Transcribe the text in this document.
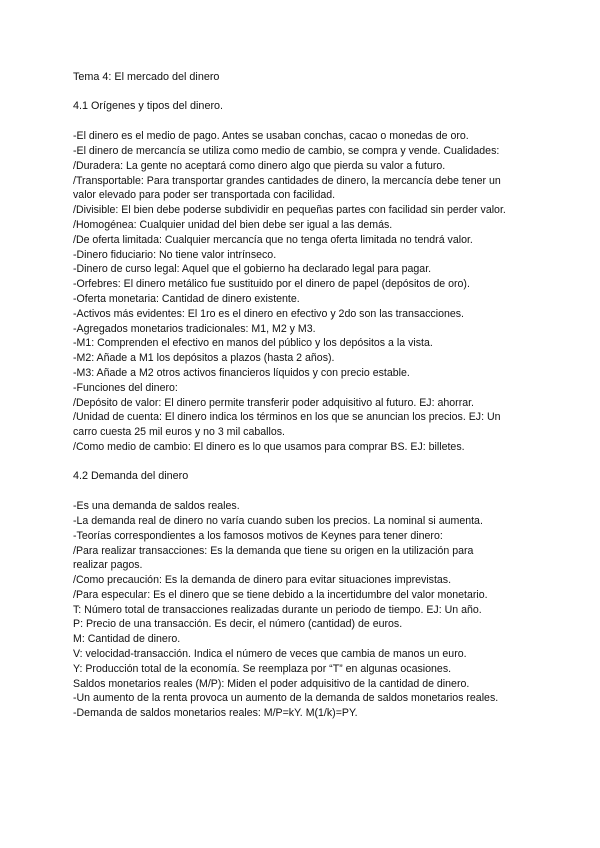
Tema 4: El mercado del dinero
4.1 Orígenes y tipos del dinero.
-El dinero es el medio de pago. Antes se usaban conchas, cacao o monedas de oro.
-El dinero de mercancía se utiliza como medio de cambio, se compra y vende. Cualidades:
/Duradera: La gente no aceptará como dinero algo que pierda su valor a futuro.
/Transportable: Para transportar grandes cantidades de dinero, la mercancía debe tener un
valor elevado para poder ser transportada con facilidad.
/Divisible: El bien debe poderse subdividir en pequeñas partes con facilidad sin perder valor.
/Homogénea: Cualquier unidad del bien debe ser igual a las demás.
/De oferta limitada: Cualquier mercancía que no tenga oferta limitada no tendrá valor.
-Dinero fiduciario: No tiene valor intrínseco.
-Dinero de curso legal: Aquel que el gobierno ha declarado legal para pagar.
-Orfebres: El dinero metálico fue sustituido por el dinero de papel (depósitos de oro).
-Oferta monetaria: Cantidad de dinero existente.
-Activos más evidentes: El 1ro es el dinero en efectivo y 2do son las transacciones.
-Agregados monetarios tradicionales: M1, M2 y M3.
-M1: Comprenden el efectivo en manos del público y los depósitos a la vista.
-M2: Añade a M1 los depósitos a plazos (hasta 2 años).
-M3: Añade a M2 otros activos financieros líquidos y con precio estable.
-Funciones del dinero:
/Depósito de valor: El dinero permite transferir poder adquisitivo al futuro. EJ: ahorrar.
/Unidad de cuenta: El dinero indica los términos en los que se anuncian los precios. EJ: Un
carro cuesta 25 mil euros y no 3 mil caballos.
/Como medio de cambio: El dinero es lo que usamos para comprar BS. EJ: billetes.
4.2 Demanda del dinero
-Es una demanda de saldos reales.
-La demanda real de dinero no varía cuando suben los precios. La nominal si aumenta.
-Teorías correspondientes a los famosos motivos de Keynes para tener dinero:
/Para realizar transacciones: Es la demanda que tiene su origen en la utilización para
realizar pagos.
/Como precaución: Es la demanda de dinero para evitar situaciones imprevistas.
/Para especular: Es el dinero que se tiene debido a la incertidumbre del valor monetario.
T: Número total de transacciones realizadas durante un periodo de tiempo. EJ: Un año.
P: Precio de una transacción. Es decir, el número (cantidad) de euros.
M: Cantidad de dinero.
V: velocidad-transacción. Indica el número de veces que cambia de manos un euro.
Y: Producción total de la economía. Se reemplaza por “T” en algunas ocasiones.
Saldos monetarios reales (M/P): Miden el poder adquisitivo de la cantidad de dinero.
-Un aumento de la renta provoca un aumento de la demanda de saldos monetarios reales.
-Demanda de saldos monetarios reales: M/P=kY. M(1/k)=PY.
